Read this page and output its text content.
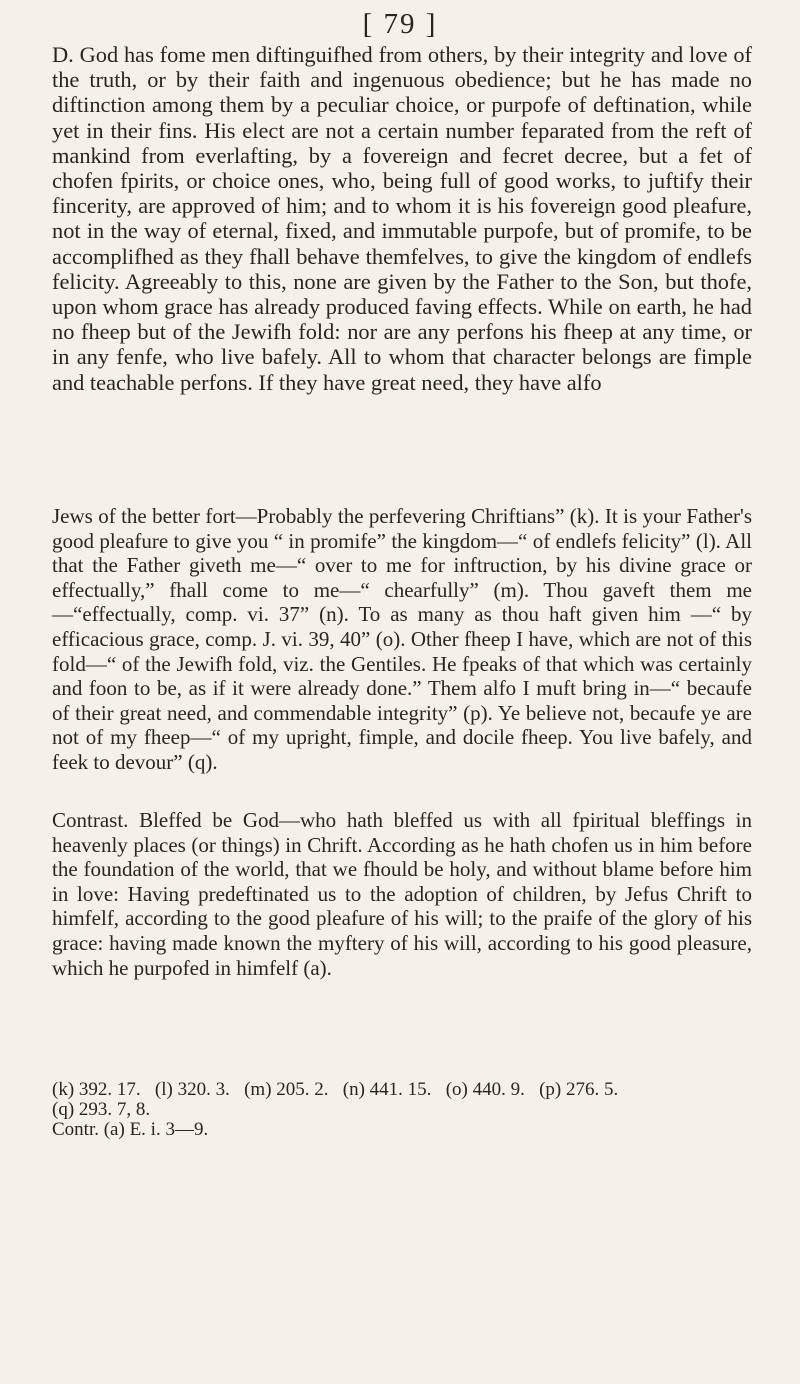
[ 79 ]
D. God has fome men diftinguifhed from others, by their integrity and love of the truth, or by their faith and ingenuous obedience; but he has made no diftinction among them by a peculiar choice, or purpofe of deftination, while yet in their fins. His elect are not a certain number feparated from the reft of mankind from everlafting, by a fovereign and fecret decree, but a fet of chofen fpirits, or choice ones, who, being full of good works, to juftify their fincerity, are approved of him; and to whom it is his fovereign good pleafure, not in the way of eternal, fixed, and immutable purpofe, but of promife, to be accomplifhed as they fhall behave themfelves, to give the kingdom of endlefs felicity. Agreeably to this, none are given by the Father to the Son, but thofe, upon whom grace has already produced faving effects. While on earth, he had no fheep but of the Jewifh fold: nor are any perfons his fheep at any time, or in any fenfe, who live bafely. All to whom that character belongs are fimple and teachable perfons. If they have great need, they have alfo
Jews of the better fort—Probably the perfevering Chriftians” (k). It is your Father's good pleafure to give you “ in promife” the kingdom—“ of endlefs felicity” (l). All that the Father giveth me—“ over to me for inftruction, by his divine grace or effectually,” fhall come to me—“ chearfully” (m). Thou gaveft them me —“effectually, comp. vi. 37” (n). To as many as thou haft given him —“ by efficacious grace, comp. J. vi. 39, 40” (o). Other fheep I have, which are not of this fold—“ of the Jewifh fold, viz. the Gentiles. He fpeaks of that which was certainly and foon to be, as if it were already done.” Them alfo I muft bring in—“ becaufe of their great need, and commendable integrity” (p). Ye believe not, becaufe ye are not of my fheep—“ of my upright, fimple, and docile fheep. You live bafely, and feek to devour” (q).
Contrast. Bleffed be God—who hath bleffed us with all fpiritual bleffings in heavenly places (or things) in Chrift. According as he hath chofen us in him before the foundation of the world, that we fhould be holy, and without blame before him in love: Having predeftinated us to the adoption of children, by Jefus Chrift to himfelf, according to the good pleafure of his will; to the praife of the glory of his grace: having made known the myftery of his will, according to his good pleasure, which he purpofed in himfelf (a).
(k) 392. 17. (l) 320. 3. (m) 205. 2. (n) 441. 15. (o) 440. 9. (p) 276. 5.
(q) 293. 7, 8.
Contr. (a) E. i. 3—9.
